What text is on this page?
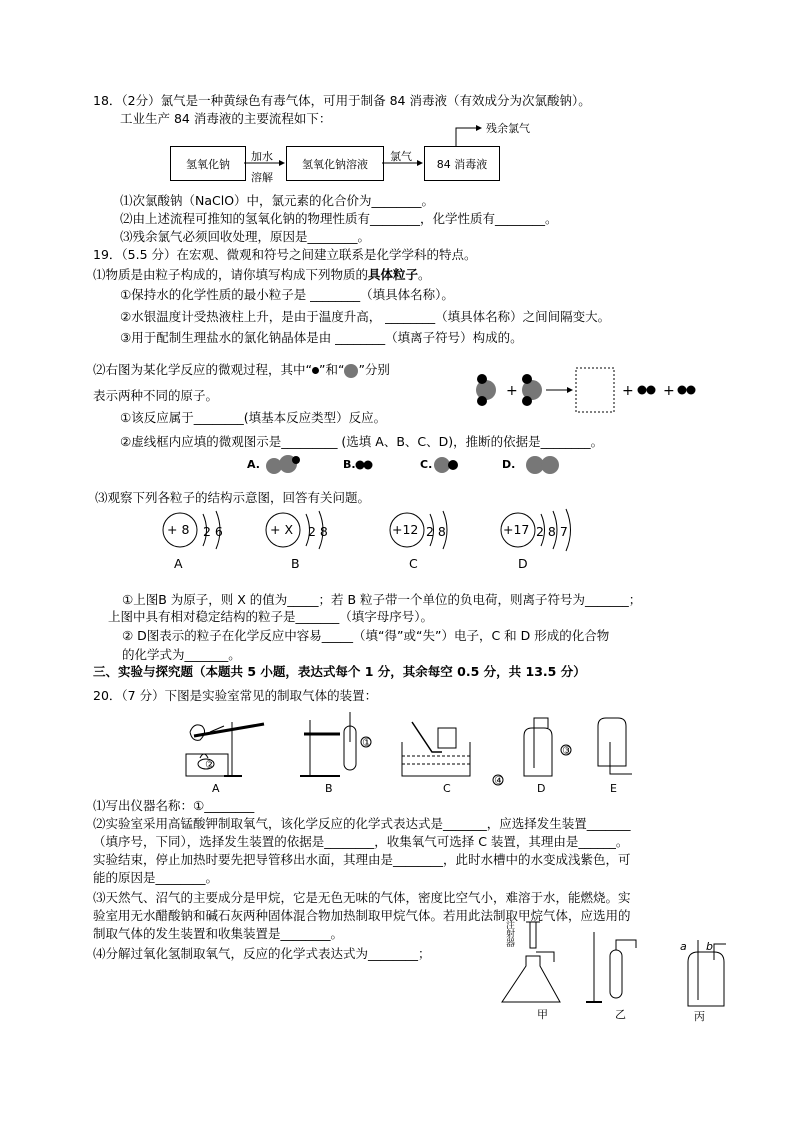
18．（2分）氯气是一种黄绿色有毒气体，可用于制备 84 消毒液（有效成分为次氯酸钠）。
工业生产 84 消毒液的主要流程如下：
氢氧化钠	氢氧化钠溶液	84 消毒液
加水
溶解
氯气
残余氯气
⑴次氯酸钠（NaClO）中，氯元素的化合价为________。
⑵由上述流程可推知的氢氧化钠的物理性质有________，化学性质有________。
⑶残余氯气必须回收处理，原因是________。
19．（5.5 分）在宏观、微观和符号之间建立联系是化学学科的特点。
⑴物质是由粒子构成的，请你填写构成下列物质的具体粒子。
①保持水的化学性质的最小粒子是 ________（填具体名称）。
②水银温度计受热液柱上升，是由于温度升高， ________（填具体名称）之间间隔变大。
③用于配制生理盐水的氯化钠晶体是由 ________（填离子符号）构成的。
⑵右图为某化学反应的微观过程，其中“ ”和“ ”分别
表示两种不同的原子。	+	+ +
①该反应属于________(填基本反应类型）反应。
②虚线框内应填的微观图示是_________ (选填 A、B、C、D)，推断的依据是________。
A.	B.	C.	D.
⑶观察下列各粒子的结构示意图，回答有关问题。
+ 8 2 6
A
+ X 2 8
B
+12 2 8
C
+17 2 8 7
D
①上图B 为原子，则 X 的值为_____；若 B 粒子带一个单位的负电荷，则离子符号为_______；
上图中具有相对稳定结构的粒子是_______（填字母序号）。
② D图表示的粒子在化学反应中容易_____（填“得”或“失”）电子，C 和 D 形成的化合物
的化学式为_______。
三、实验与探究题（本题共 5 小题，表达式每个 1 分，其余每空 0.5 分，共 13.5 分）
20．（7 分）下图是实验室常见的制取气体的装置：
②
①
④
③
A	B	C	D	E
⑴写出仪器名称：①________
⑵实验室采用高锰酸钾制取氧气，该化学反应的化学式表达式是_______，应选择发生装置_______
（填序号，下同），选择发生装置的依据是________，收集氧气可选择 C 装置，其理由是______。
实验结束，停止加热时要先把导管移出水面，其理由是________，此时水槽中的水变成浅紫色，可
能的原因是________。
⑶天然气、沼气的主要成分是甲烷，它是无色无味的气体，密度比空气小，难溶于水，能燃烧。实
验室用无水醋酸钠和碱石灰两种固体混合物加热制取甲烷气体。若用此法制取甲烷气体，应选用的
制取气体的发生装置和收集装置是________。
⑷分解过氧化氢制取氧气，反应的化学式表达式为________；
注射器	a b
甲	乙	丙
